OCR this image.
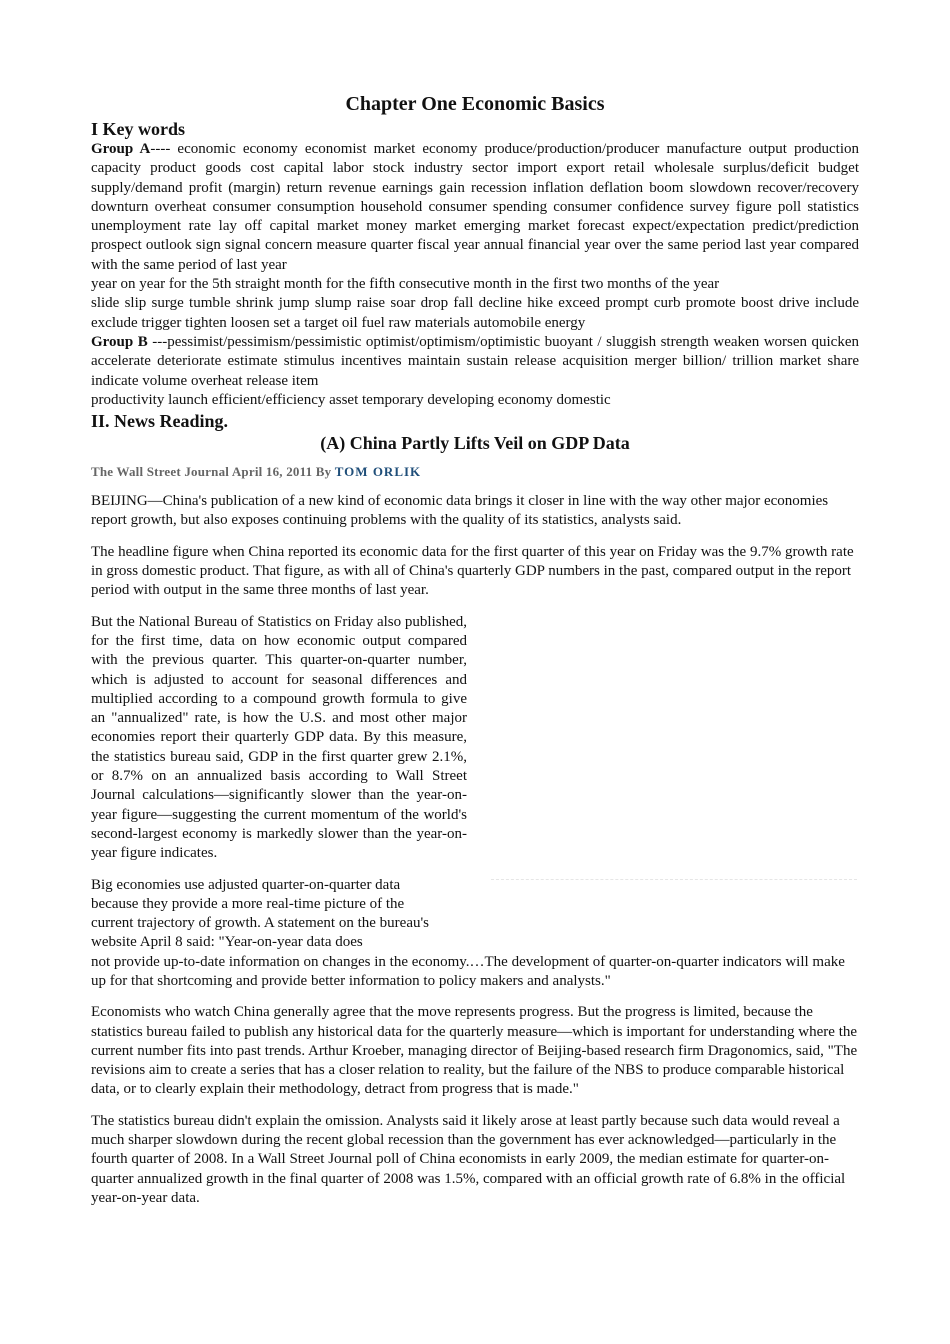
Chapter One Economic Basics
I Key words

Group A---- economic economy economist market economy produce/production/producer manufacture output production capacity product goods cost capital labor stock industry sector import export retail wholesale surplus/deficit budget supply/demand profit (margin) return revenue earnings gain recession inflation deflation boom slowdown recover/recovery downturn overheat consumer consumption household consumer spending consumer confidence survey figure poll statistics unemployment rate lay off capital market money market emerging market forecast expect/expectation predict/prediction prospect outlook sign signal concern measure quarter fiscal year annual financial year over the same period last year compared with the same period of last year

year on year for the 5th straight month for the fifth consecutive month in the first two months of the year

slide slip surge tumble shrink jump slump raise soar drop fall decline hike exceed prompt curb promote boost drive include exclude trigger tighten loosen set a target oil fuel raw materials automobile energy

Group B ---pessimist/pessimism/pessimistic optimist/optimism/optimistic buoyant / sluggish strength weaken worsen quicken accelerate deteriorate estimate stimulus incentives maintain sustain release acquisition merger billion/ trillion market share indicate volume overheat release item

productivity launch efficient/efficiency asset temporary developing economy domestic

II. News Reading.
(A) China Partly Lifts Veil on GDP Data
The Wall Street Journal April 16, 2011 By TOM ORLIK

BEIJING—China's publication of a new kind of economic data brings it closer in line with the way other major economies report growth, but also exposes continuing problems with the quality of its statistics, analysts said.

The headline figure when China reported its economic data for the first quarter of this year on Friday was the 9.7% growth rate in gross domestic product. That figure, as with all of China's quarterly GDP numbers in the past, compared output in the report period with output in the same three months of last year.

But the National Bureau of Statistics on Friday also published, for the first time, data on how economic output compared with the previous quarter. This quarter-on-quarter number, which is adjusted to account for seasonal differences and multiplied according to a compound growth formula to give an "annualized" rate, is how the U.S. and most other major economies report their quarterly GDP data. By this measure, the statistics bureau said, GDP in the first quarter grew 2.1%, or 8.7% on an annualized basis according to Wall Street Journal calculations—significantly slower than the year-on-year figure—suggesting the current momentum of the world's second-largest economy is markedly slower than the year-on-year figure indicates.

Big economies use adjusted quarter-on-quarter data because they provide a more real-time picture of the current trajectory of growth. A statement on the bureau's website April 8 said: "Year-on-year data does
not provide up-to-date information on changes in the economy.…The development of quarter-on-quarter indicators will make up for that shortcoming and provide better information to policy makers and analysts."

Economists who watch China generally agree that the move represents progress. But the progress is limited, because the statistics bureau failed to publish any historical data for the quarterly measure—which is important for understanding where the current number fits into past trends. Arthur Kroeber, managing director of Beijing-based research firm Dragonomics, said, "The revisions aim to create a series that has a closer relation to reality, but the failure of the NBS to produce comparable historical data, or to clearly explain their methodology, detract from progress that is made."

The statistics bureau didn't explain the omission. Analysts said it likely arose at least partly because such data would reveal a much sharper slowdown during the recent global recession than the government has ever acknowledged—particularly in the fourth quarter of 2008. In a Wall Street Journal poll of China economists in early 2009, the median estimate for quarter-on-quarter annualized growth in the final quarter of 2008 was 1.5%, compared with an official growth rate of 6.8% in the official year-on-year data.
